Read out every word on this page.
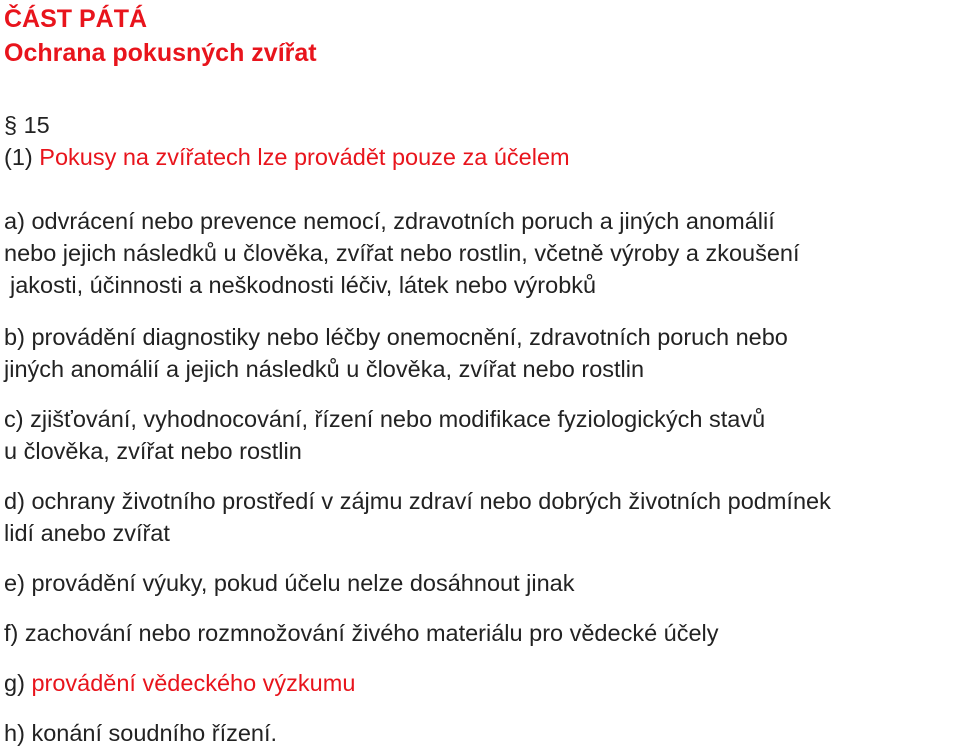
ČÁST PÁTÁ
Ochrana pokusných zvířat
§ 15
(1) Pokusy na zvířatech lze provádět pouze za účelem
a) odvrácení nebo prevence nemocí, zdravotních poruch a jiných anomálií
nebo jejich následků u člověka, zvířat nebo rostlin, včetně výroby a zkoušení
jakosti, účinnosti a neškodnosti léčiv, látek nebo výrobků
b) provádění diagnostiky nebo léčby onemocnění, zdravotních poruch nebo
jiných anomálií a jejich následků u člověka, zvířat nebo rostlin
c) zjišťování, vyhodnocování, řízení nebo modifikace fyziologických stavů
u člověka, zvířat nebo rostlin
d) ochrany životního prostředí v zájmu zdraví nebo dobrých životních podmínek
lidí anebo zvířat
e) provádění výuky, pokud účelu nelze dosáhnout jinak
f) zachování nebo rozmnožování živého materiálu pro vědecké účely
g) provádění vědeckého výzkumu
h) konání soudního řízení.
